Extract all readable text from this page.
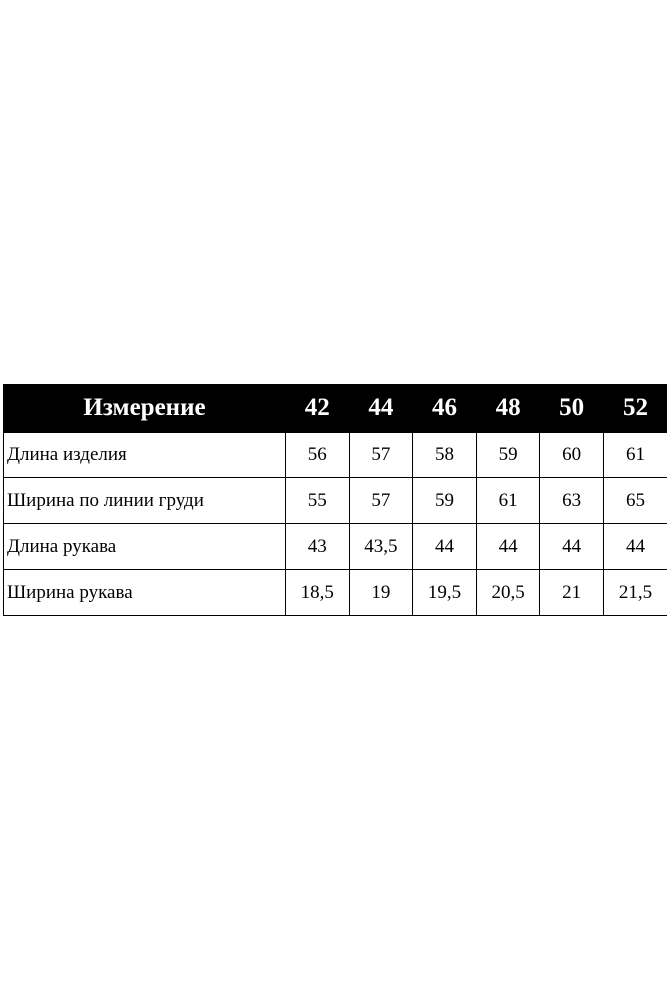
Измерение	42	44	46	48	50	52
Длина изделия	56	57	58	59	60	61
Ширина по линии груди	55	57	59	61	63	65
Длина рукава	43	43,5	44	44	44	44
Ширина рукава	18,5	19	19,5	20,5	21	21,5
